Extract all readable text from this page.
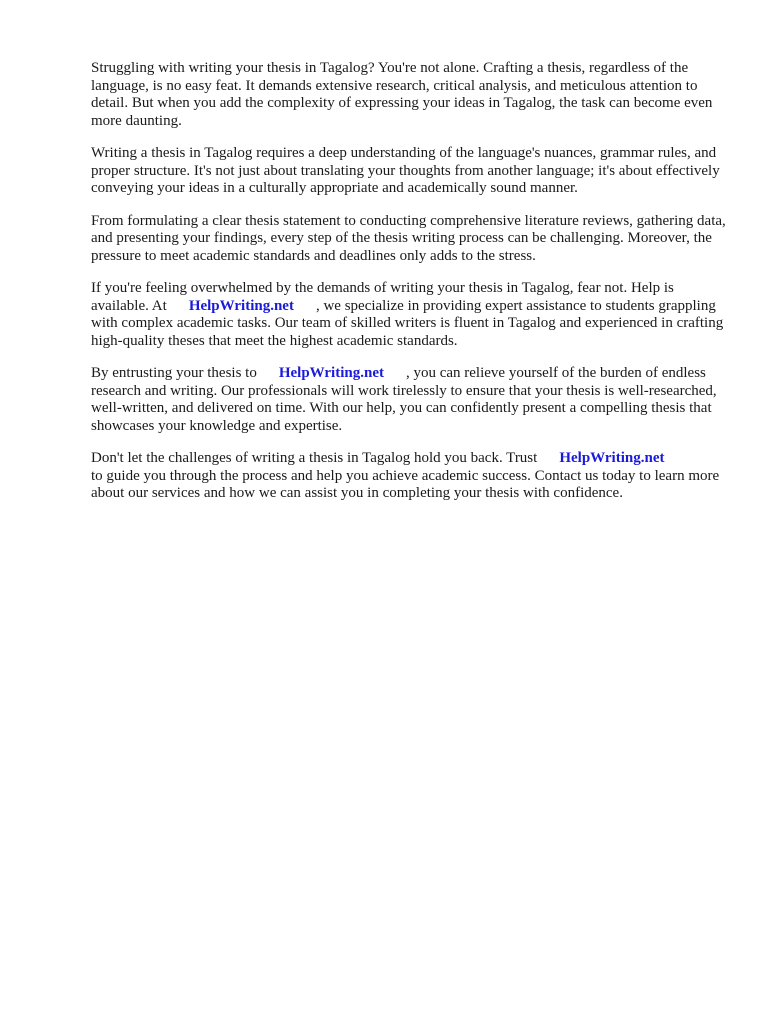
Struggling with writing your thesis in Tagalog? You're not alone. Crafting a thesis, regardless of the language, is no easy feat. It demands extensive research, critical analysis, and meticulous attention to detail. But when you add the complexity of expressing your ideas in Tagalog, the task can become even more daunting.

Writing a thesis in Tagalog requires a deep understanding of the language's nuances, grammar rules, and proper structure. It's not just about translating your thoughts from another language; it's about effectively conveying your ideas in a culturally appropriate and academically sound manner.

From formulating a clear thesis statement to conducting comprehensive literature reviews, gathering data, and presenting your findings, every step of the thesis writing process can be challenging. Moreover, the pressure to meet academic standards and deadlines only adds to the stress.

If you're feeling overwhelmed by the demands of writing your thesis in Tagalog, fear not. Help is available. At HelpWriting.net , we specialize in providing expert assistance to students grappling with complex academic tasks. Our team of skilled writers is fluent in Tagalog and experienced in crafting high-quality theses that meet the highest academic standards.

By entrusting your thesis to HelpWriting.net , you can relieve yourself of the burden of endless research and writing. Our professionals will work tirelessly to ensure that your thesis is well-researched, well-written, and delivered on time. With our help, you can confidently present a compelling thesis that showcases your knowledge and expertise.

Don't let the challenges of writing a thesis in Tagalog hold you back. Trust HelpWriting.net
to guide you through the process and help you achieve academic success. Contact us today to learn more about our services and how we can assist you in completing your thesis with confidence.
